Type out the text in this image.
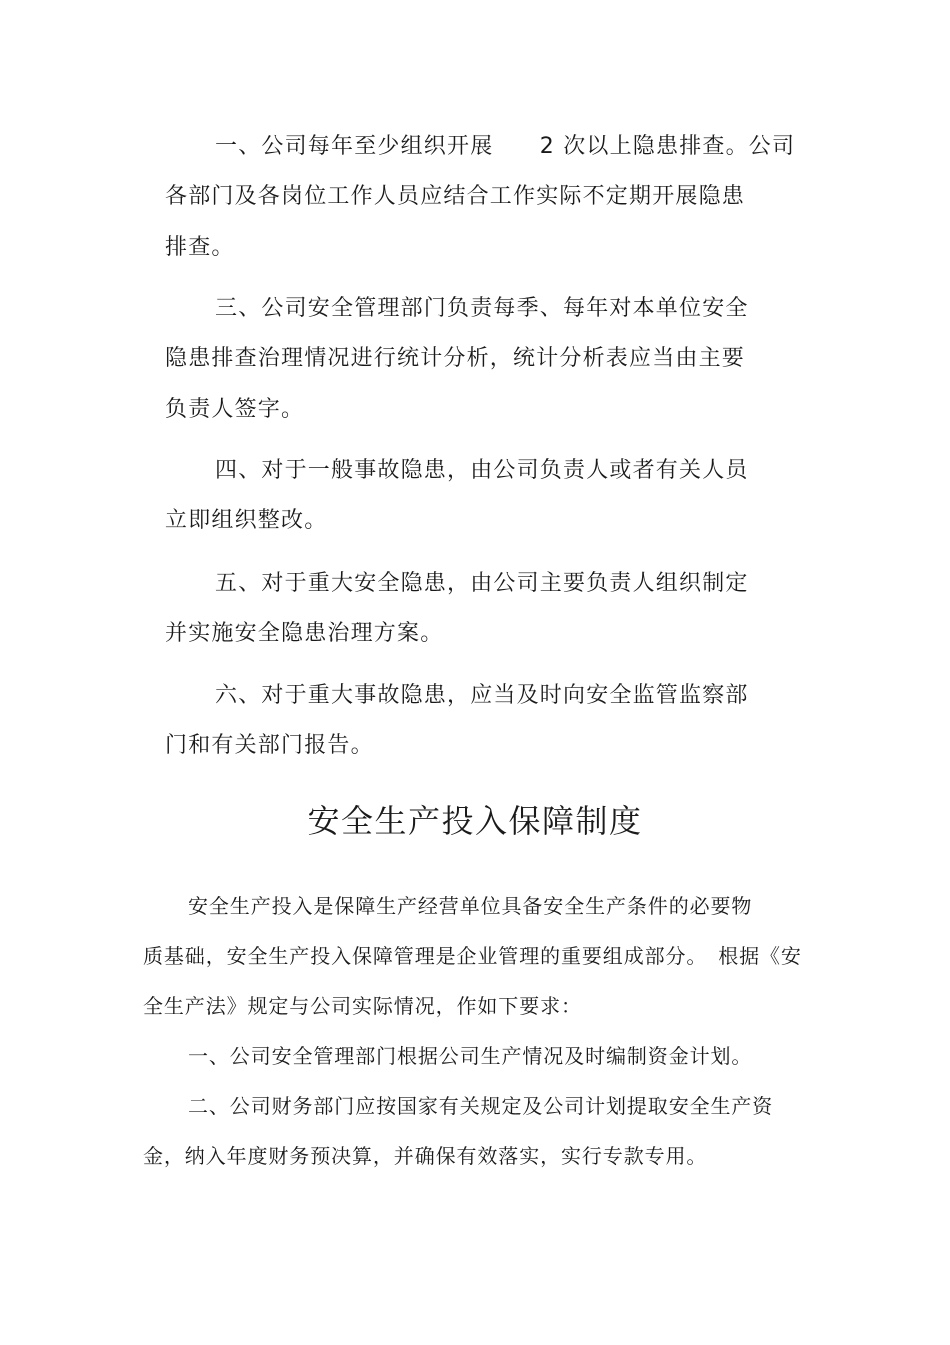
一、公司每年至少组织开展　　2 次以上隐患排查。公司
各部门及各岗位工作人员应结合工作实际不定期开展隐患
排查。
三、公司安全管理部门负责每季、每年对本单位安全
隐患排查治理情况进行统计分析，统计分析表应当由主要
负责人签字。
四、对于一般事故隐患，由公司负责人或者有关人员
立即组织整改。
五、对于重大安全隐患，由公司主要负责人组织制定
并实施安全隐患治理方案。
六、对于重大事故隐患，应当及时向安全监管监察部
门和有关部门报告。
安全生产投入保障制度
安全生产投入是保障生产经营单位具备安全生产条件的必要物
质基础，安全生产投入保障管理是企业管理的重要组成部分。　根据《安
全生产法》规定与公司实际情况，作如下要求：
一、公司安全管理部门根据公司生产情况及时编制资金计划。
二、公司财务部门应按国家有关规定及公司计划提取安全生产资
金，纳入年度财务预决算，并确保有效落实，实行专款专用。
